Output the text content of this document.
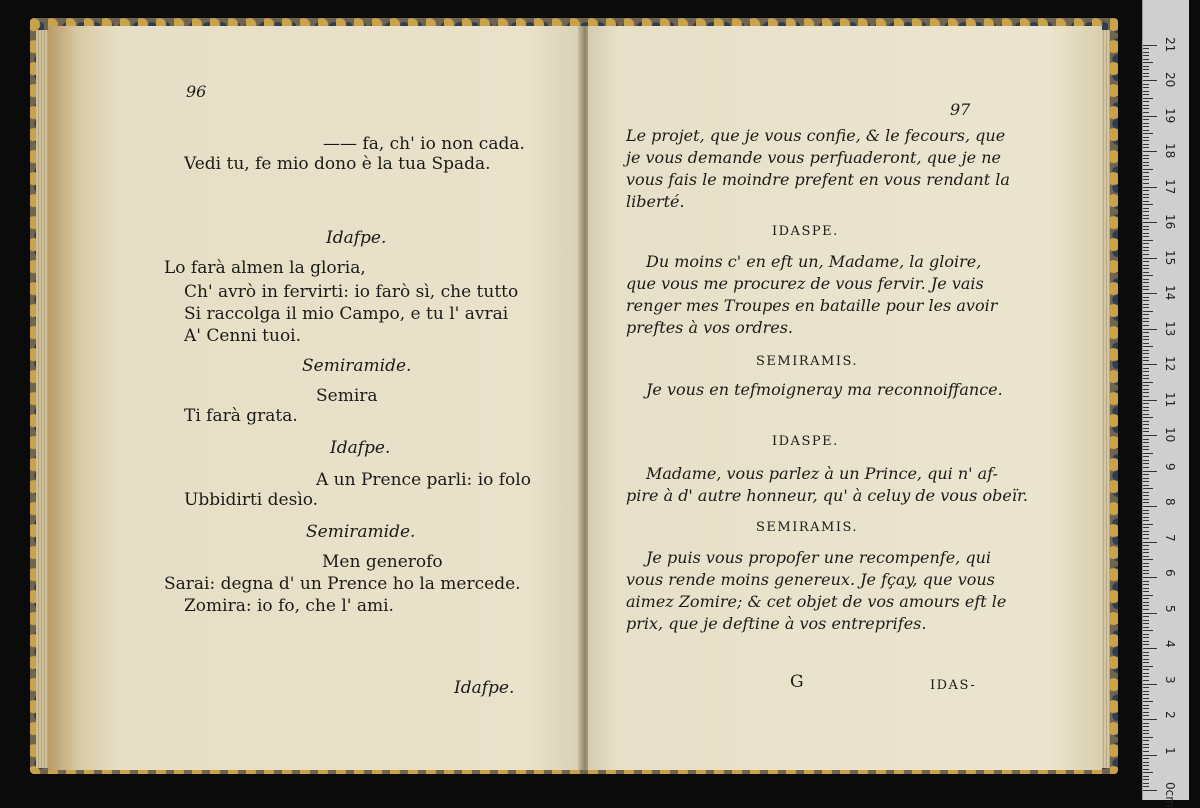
96
—— fa, ch' io non cada.
Vedi tu, fe mio dono è la tua Spada.
Idafpe.
Lo farà almen la gloria,
Ch' avrò in fervirti: io farò sì, che tutto
Si raccolga il mio Campo, e tu l' avrai
A' Cenni tuoi.
Semiramide.
Semira
Ti farà grata.
Idafpe.
A un Prence parli: io folo
Ubbidirti desìo.
Semiramide.
Men generofo
Sarai: degna d' un Prence ho la mercede.
Zomira: io fo, che l' ami.
Idafpe.
97
Le projet, que je vous confie, & le fecours, que
je vous demande vous perfuaderont, que je ne
vous fais le moindre prefent en vous rendant la
liberté.
IDASPE.
Du moins c' en eft un, Madame, la gloire,
que vous me procurez de vous fervir. Je vais
renger mes Troupes en bataille pour les avoir
preftes à vos ordres.
SEMIRAMIS.
Je vous en tefmoigneray ma reconnoiffance.
IDASPE.
Madame, vous parlez à un Prince, qui n' af-
pire à d' autre honneur, qu' à celuy de vous obeïr.
SEMIRAMIS.
Je puis vous propofer une recompenfe, qui
vous rende moins genereux. Je fçay, que vous
aimez Zomire; & cet objet de vos amours eft le
prix, que je deftine à vos entreprifes.
G	IDAS-
0cm
1
2
3
4
5
6
7
8
9
10
11
12
13
14
15
16
17
18
19
20
21
